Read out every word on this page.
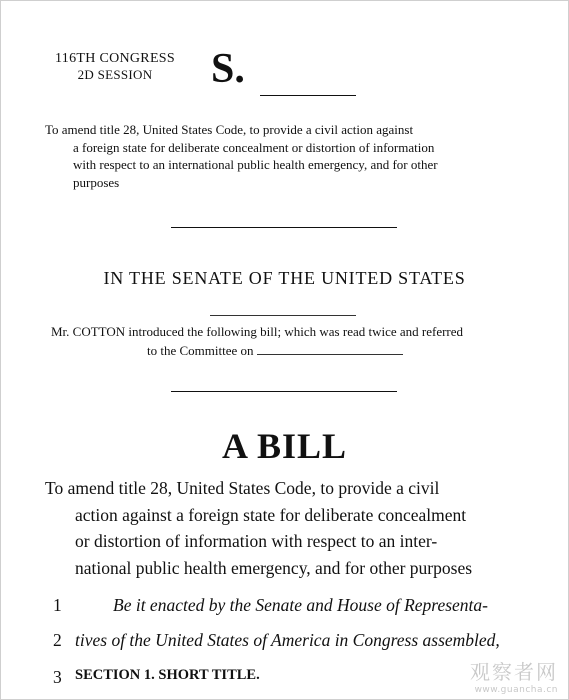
116TH CONGRESS
2D SESSION	S.
To amend title 28, United States Code, to provide a civil action against
a foreign state for deliberate concealment or distortion of information
with respect to an international public health emergency, and for other
purposes
IN THE SENATE OF THE UNITED STATES
Mr. COTTON introduced the following bill; which was read twice and referred
to the Committee on
A BILL
To amend title 28, United States Code, to provide a civil
action against a foreign state for deliberate concealment
or distortion of information with respect to an inter-
national public health emergency, and for other purposes
1	Be it enacted by the Senate and House of Representa-
2 tives of the United States of America in Congress assembled,
3 SECTION 1. SHORT TITLE.	观察者网
www.guancha.cn
